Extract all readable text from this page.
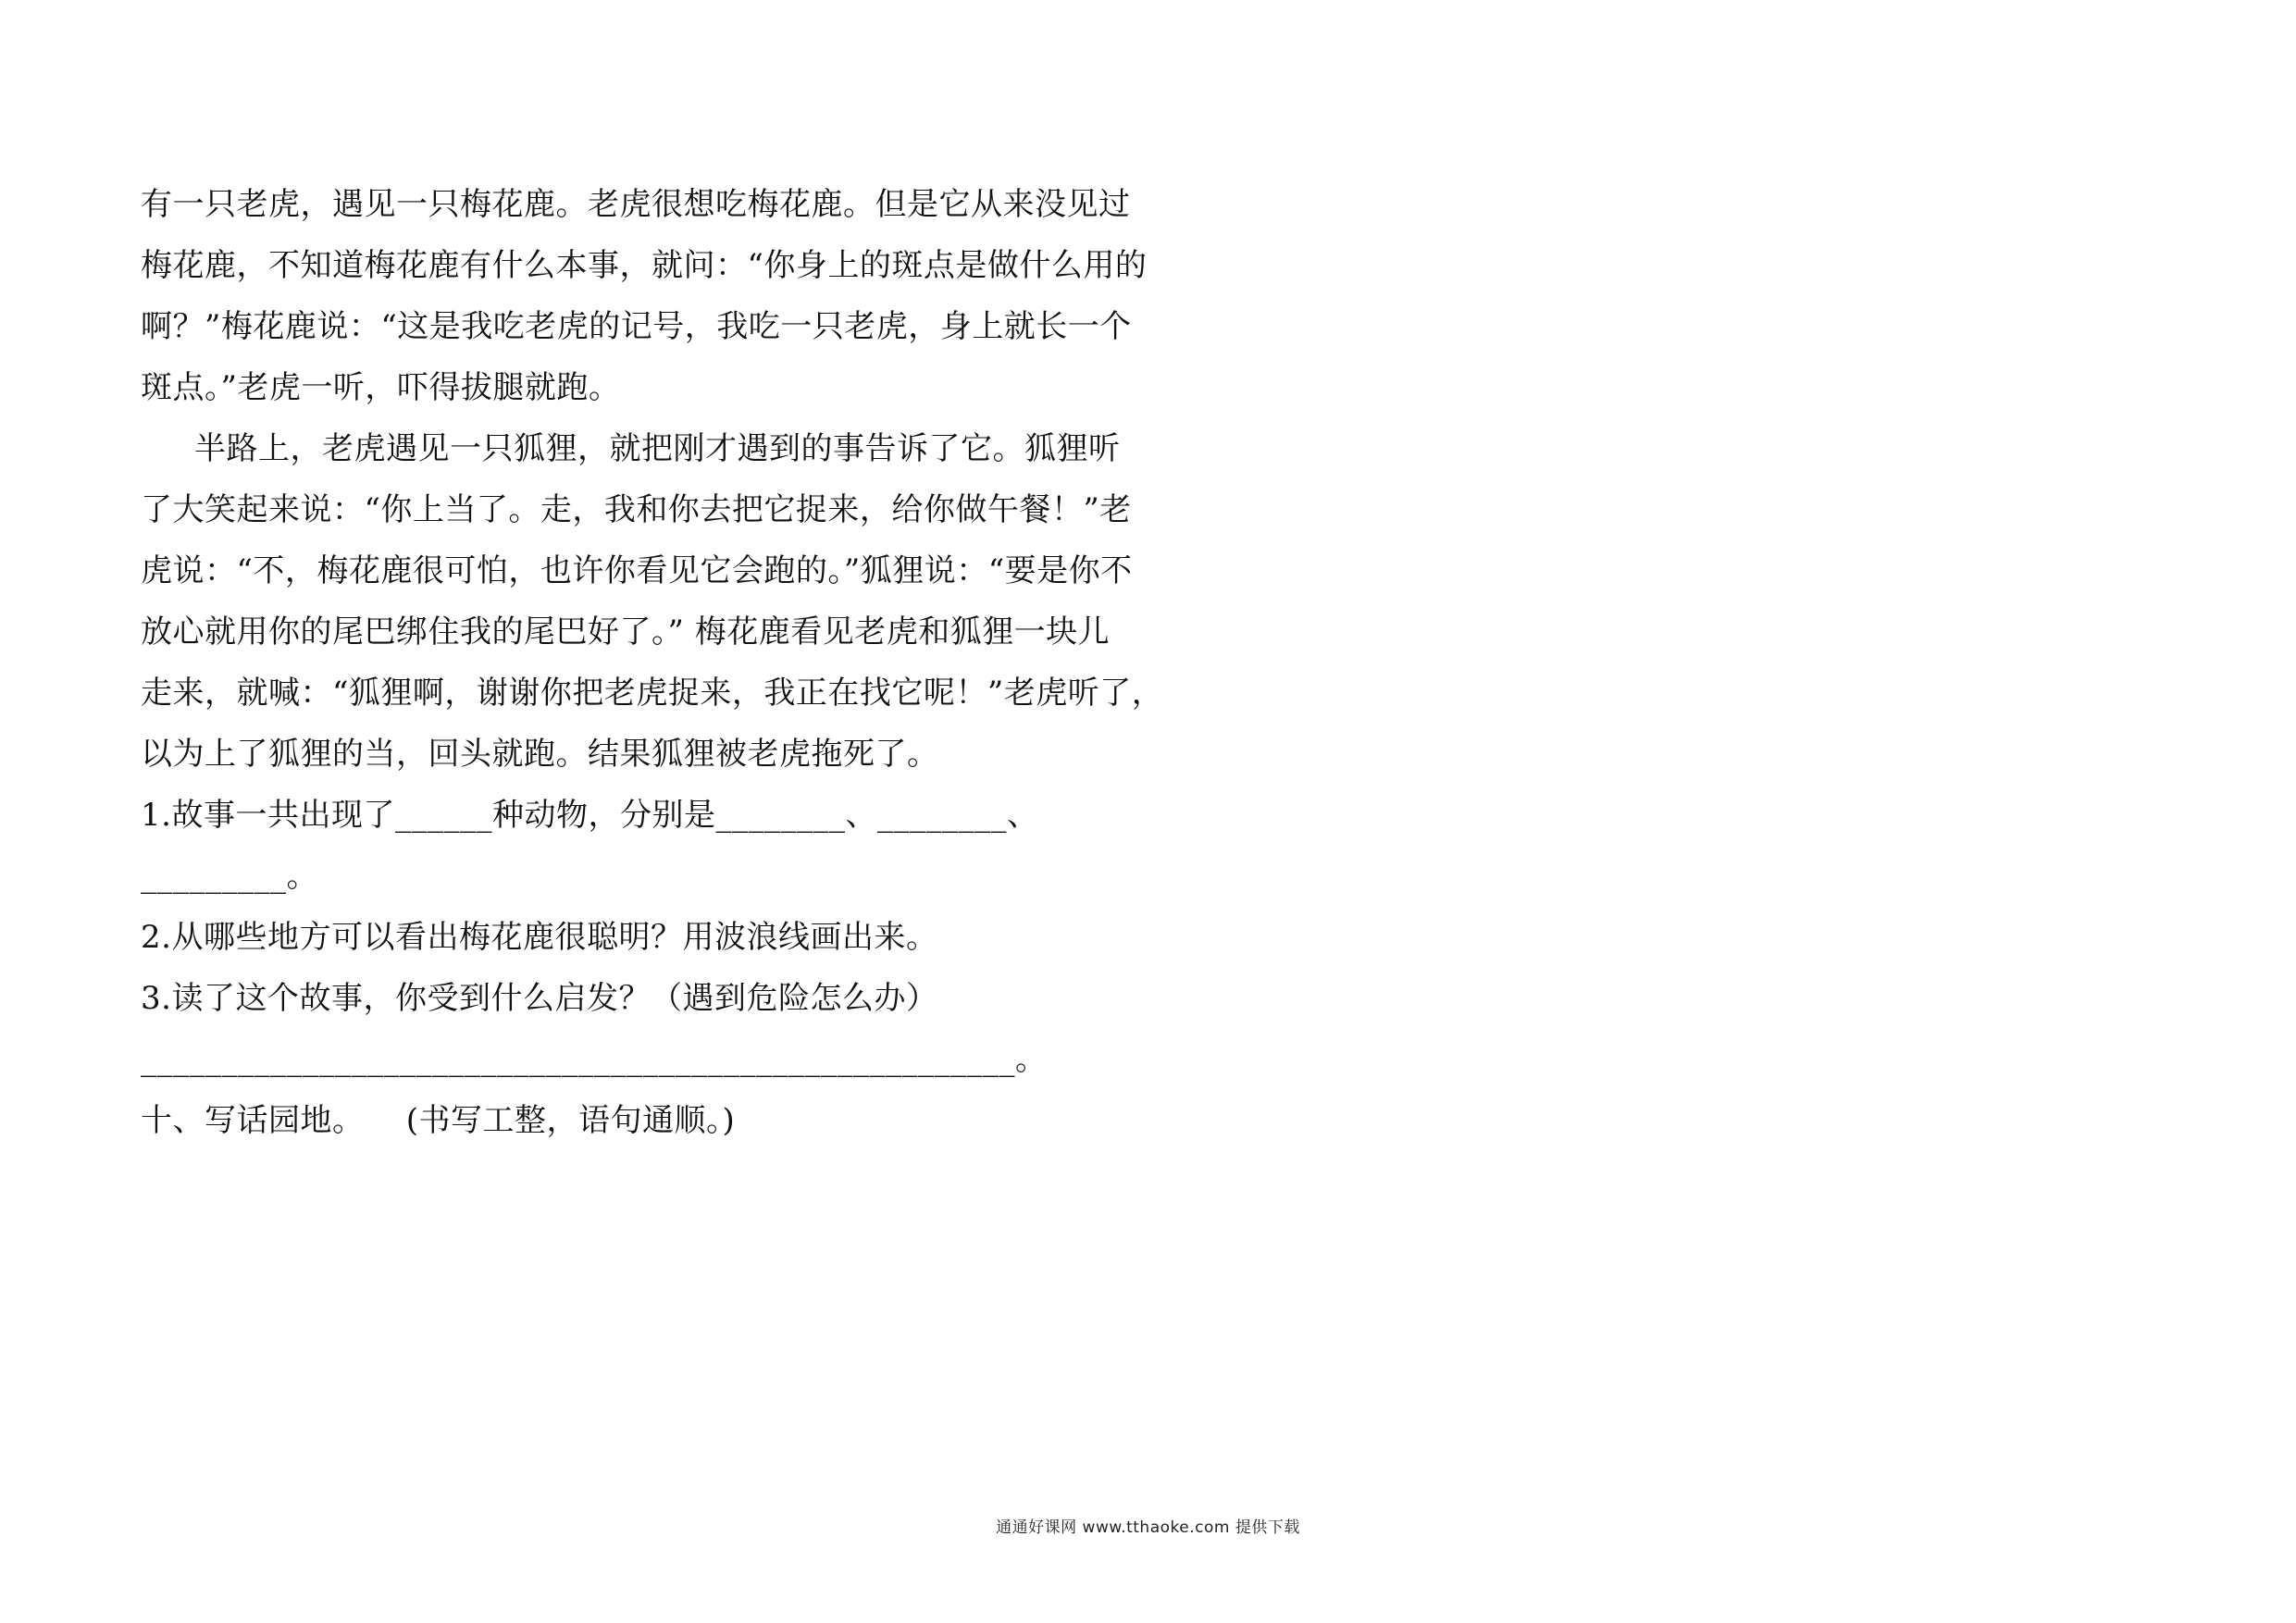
有一只老虎，遇见一只梅花鹿。老虎很想吃梅花鹿。但是它从来没见过
梅花鹿，不知道梅花鹿有什么本事，就问：“你身上的斑点是做什么用的
啊？”梅花鹿说：“这是我吃老虎的记号，我吃一只老虎，身上就长一个
斑点。”老虎一听，吓得拔腿就跑。
半路上，老虎遇见一只狐狸，就把刚才遇到的事告诉了它。狐狸听
了大笑起来说：“你上当了。走，我和你去把它捉来，给你做午餐！”老
虎说：“不，梅花鹿很可怕，也许你看见它会跑的。”狐狸说：“要是你不
放心就用你的尾巴绑住我的尾巴好了。” 梅花鹿看见老虎和狐狸一块儿
走来，就喊：“狐狸啊，谢谢你把老虎捉来，我正在找它呢！”老虎听了，
以为上了狐狸的当，回头就跑。结果狐狸被老虎拖死了。
1.故事一共出现了______种动物，分别是________、________、
_________。
2.从哪些地方可以看出梅花鹿很聪明？用波浪线画出来。
3.读了这个故事，你受到什么启发？（遇到危险怎么办）
______________________________________________________。
十、写话园地。    (书写工整，语句通顺。)
通通好课网 www.tthaoke.com 提供下载
